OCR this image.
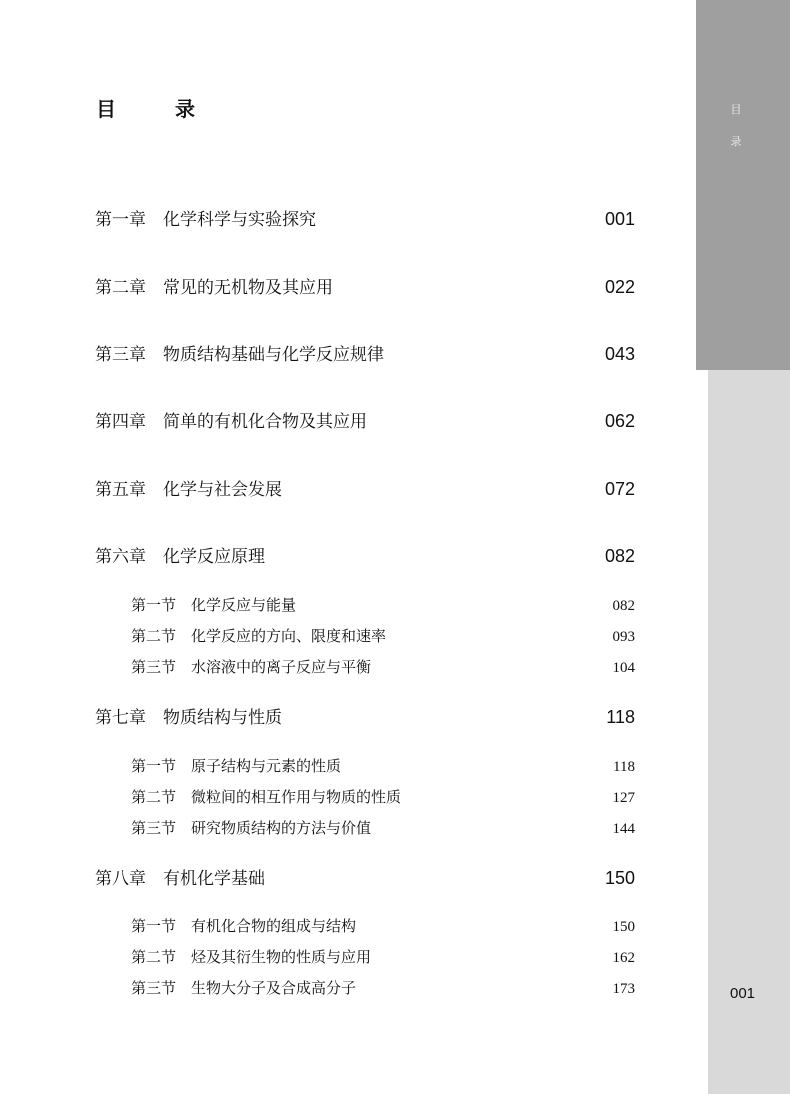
目
录
001
目 录
第一章　化学科学与实验探究	001
第二章　常见的无机物及其应用	022
第三章　物质结构基础与化学反应规律	043
第四章　简单的有机化合物及其应用	062
第五章　化学与社会发展	072
第六章　化学反应原理	082
第一节　化学反应与能量	082
第二节　化学反应的方向、限度和速率	093
第三节　水溶液中的离子反应与平衡	104
第七章　物质结构与性质	118
第一节　原子结构与元素的性质	118
第二节　微粒间的相互作用与物质的性质	127
第三节　研究物质结构的方法与价值	144
第八章　有机化学基础	150
第一节　有机化合物的组成与结构	150
第二节　烃及其衍生物的性质与应用	162
第三节　生物大分子及合成高分子	173
